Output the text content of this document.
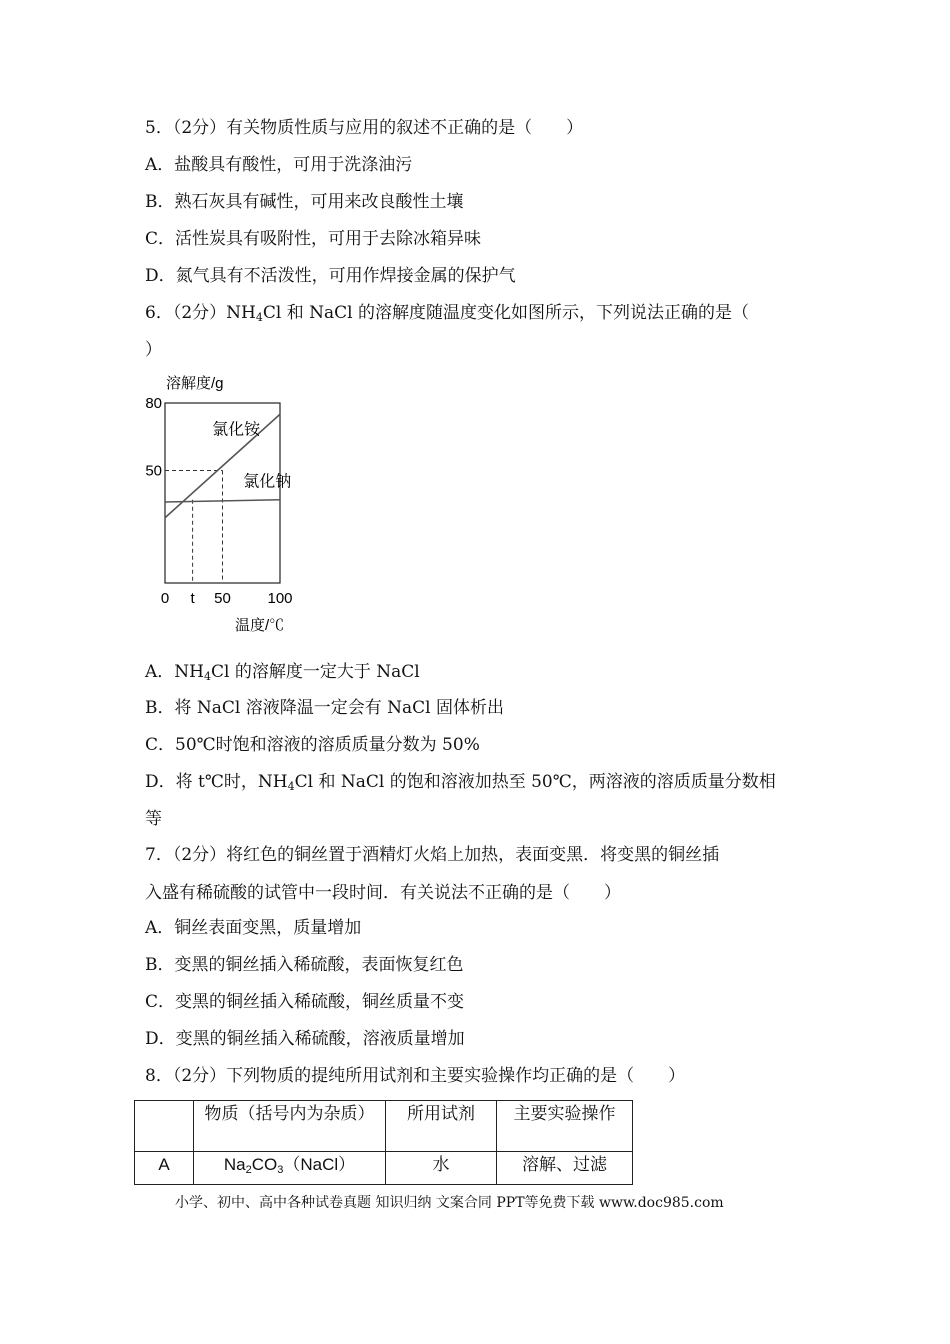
5．（2分）有关物质性质与应用的叙述不正确的是（　　）
A．盐酸具有酸性，可用于洗涤油污
B．熟石灰具有碱性，可用来改良酸性土壤
C．活性炭具有吸附性，可用于去除冰箱异味
D．氮气具有不活泼性，可用作焊接金属的保护气
6．（2分）$NH_4Cl$ 和 NaCl 的溶解度随温度变化如图所示，下列说法正确的是（
）
溶解度/g
0 t 50 100
50
80
氯化铵
氯化钠
温度/℃
A．$NH_4Cl$ 的溶解度一定大于 NaCl
B．将 NaCl 溶液降温一定会有 NaCl 固体析出
C．50℃时饱和溶液的溶质质量分数为 50%
D．将 t℃时，$NH_4Cl$ 和 NaCl 的饱和溶液加热至 50℃，两溶液的溶质质量分数相
等
7．（2分）将红色的铜丝置于酒精灯火焰上加热，表面变黑．将变黑的铜丝插
入盛有稀硫酸的试管中一段时间．有关说法不正确的是（　　）
A．铜丝表面变黑，质量增加
B．变黑的铜丝插入稀硫酸，表面恢复红色
C．变黑的铜丝插入稀硫酸，铜丝质量不变
D．变黑的铜丝插入稀硫酸，溶液质量增加
8．（2分）下列物质的提纯所用试剂和主要实验操作均正确的是（　　）
	物质（括号内为杂质）	所用试剂	主要实验操作
A	$Na_2CO_3(NaCl)$	水	溶解、过滤
小学、初中、高中各种试卷真题 知识归纳 文案合同 PPT等免费下载 www.doc985.com
